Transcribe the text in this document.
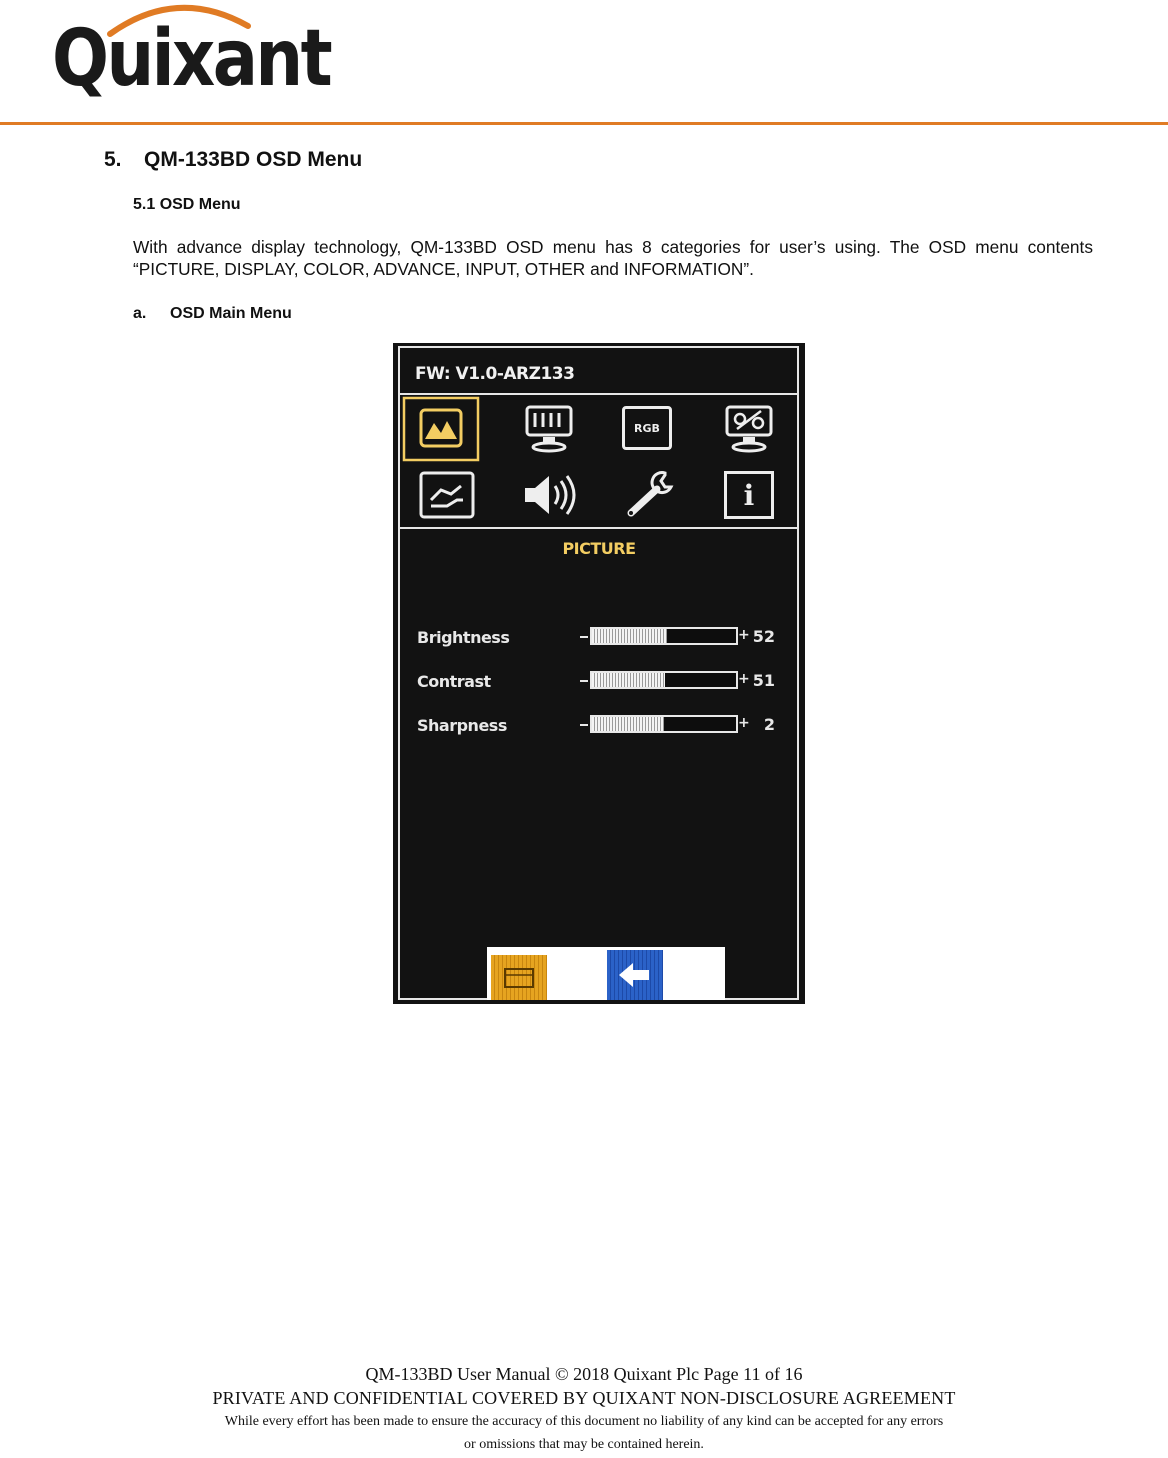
Quixant
5. QM-133BD OSD Menu
5.1 OSD Menu
With advance display technology, QM-133BD OSD menu has 8 categories for user’s using. The OSD menu contents “PICTURE, DISPLAY, COLOR, ADVANCE, INPUT, OTHER and INFORMATION”.
a. OSD Main Menu
FW: V1.0-ARZ133
RGB
i
PICTURE
Brightness	+ 52
Contrast	+ 51
Sharpness	+ 2
QM-133BD User Manual © 2018 Quixant Plc Page 11 of 16
PRIVATE AND CONFIDENTIAL COVERED BY QUIXANT NON-DISCLOSURE AGREEMENT
While every effort has been made to ensure the accuracy of this document no liability of any kind can be accepted for any errors
or omissions that may be contained herein.
